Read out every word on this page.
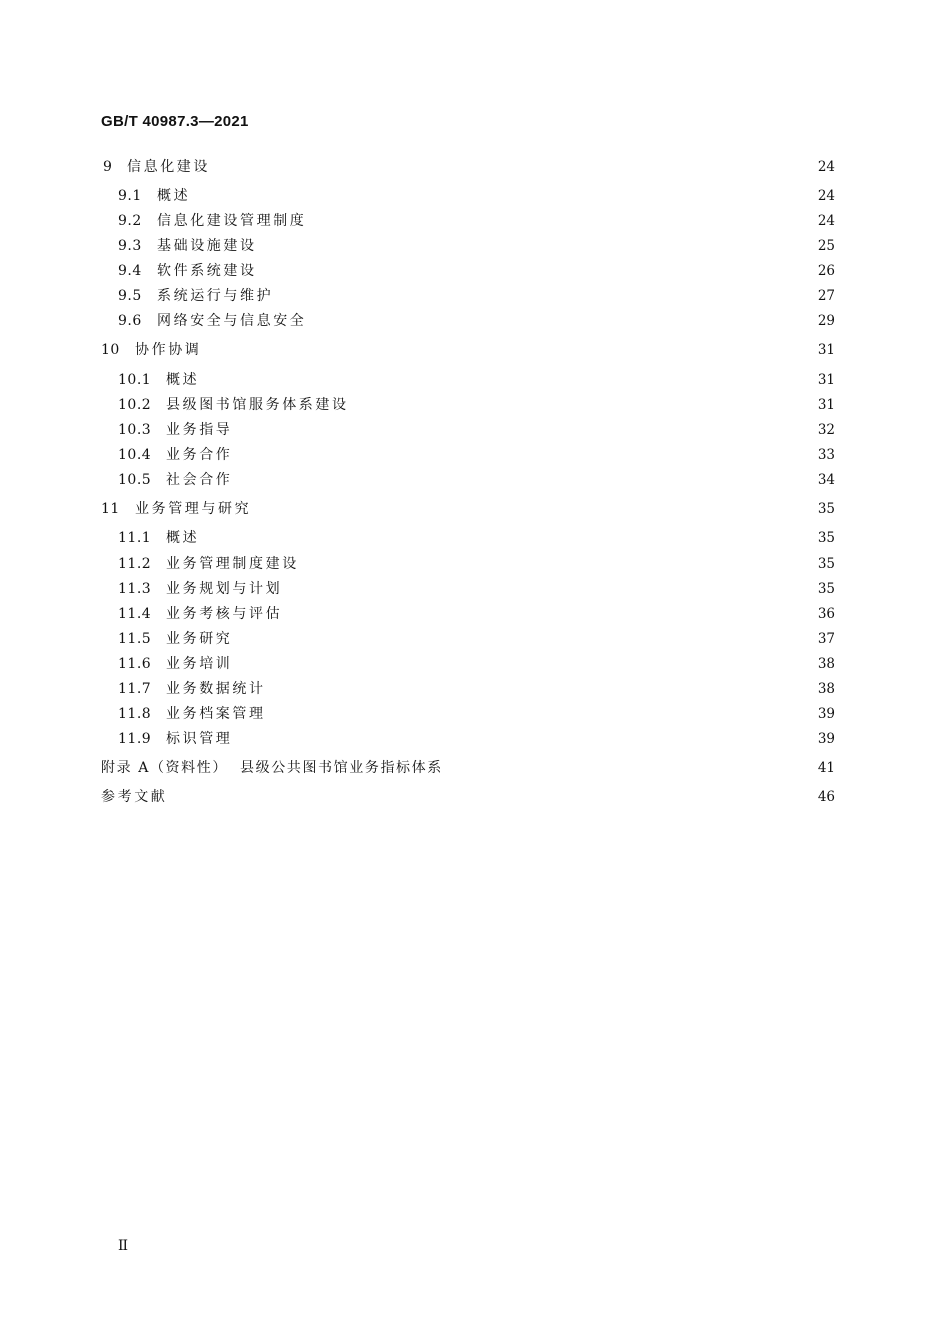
GB/T 40987.3—2021
9	信息化建设	24
9.1	概述	24
9.2	信息化建设管理制度	24
9.3	基础设施建设	25
9.4	软件系统建设	26
9.5	系统运行与维护	27
9.6	网络安全与信息安全	29
10	协作协调	31
10.1	概述	31
10.2	县级图书馆服务体系建设	31
10.3	业务指导	32
10.4	业务合作	33
10.5	社会合作	34
11	业务管理与研究	35
11.1	概述	35
11.2	业务管理制度建设	35
11.3	业务规划与计划	35
11.4	业务考核与评估	36
11.5	业务研究	37
11.6	业务培训	38
11.7	业务数据统计	38
11.8	业务档案管理	39
11.9	标识管理	39
附录 A（资料性）  县级公共图书馆业务指标体系	41
参考文献	46
II
